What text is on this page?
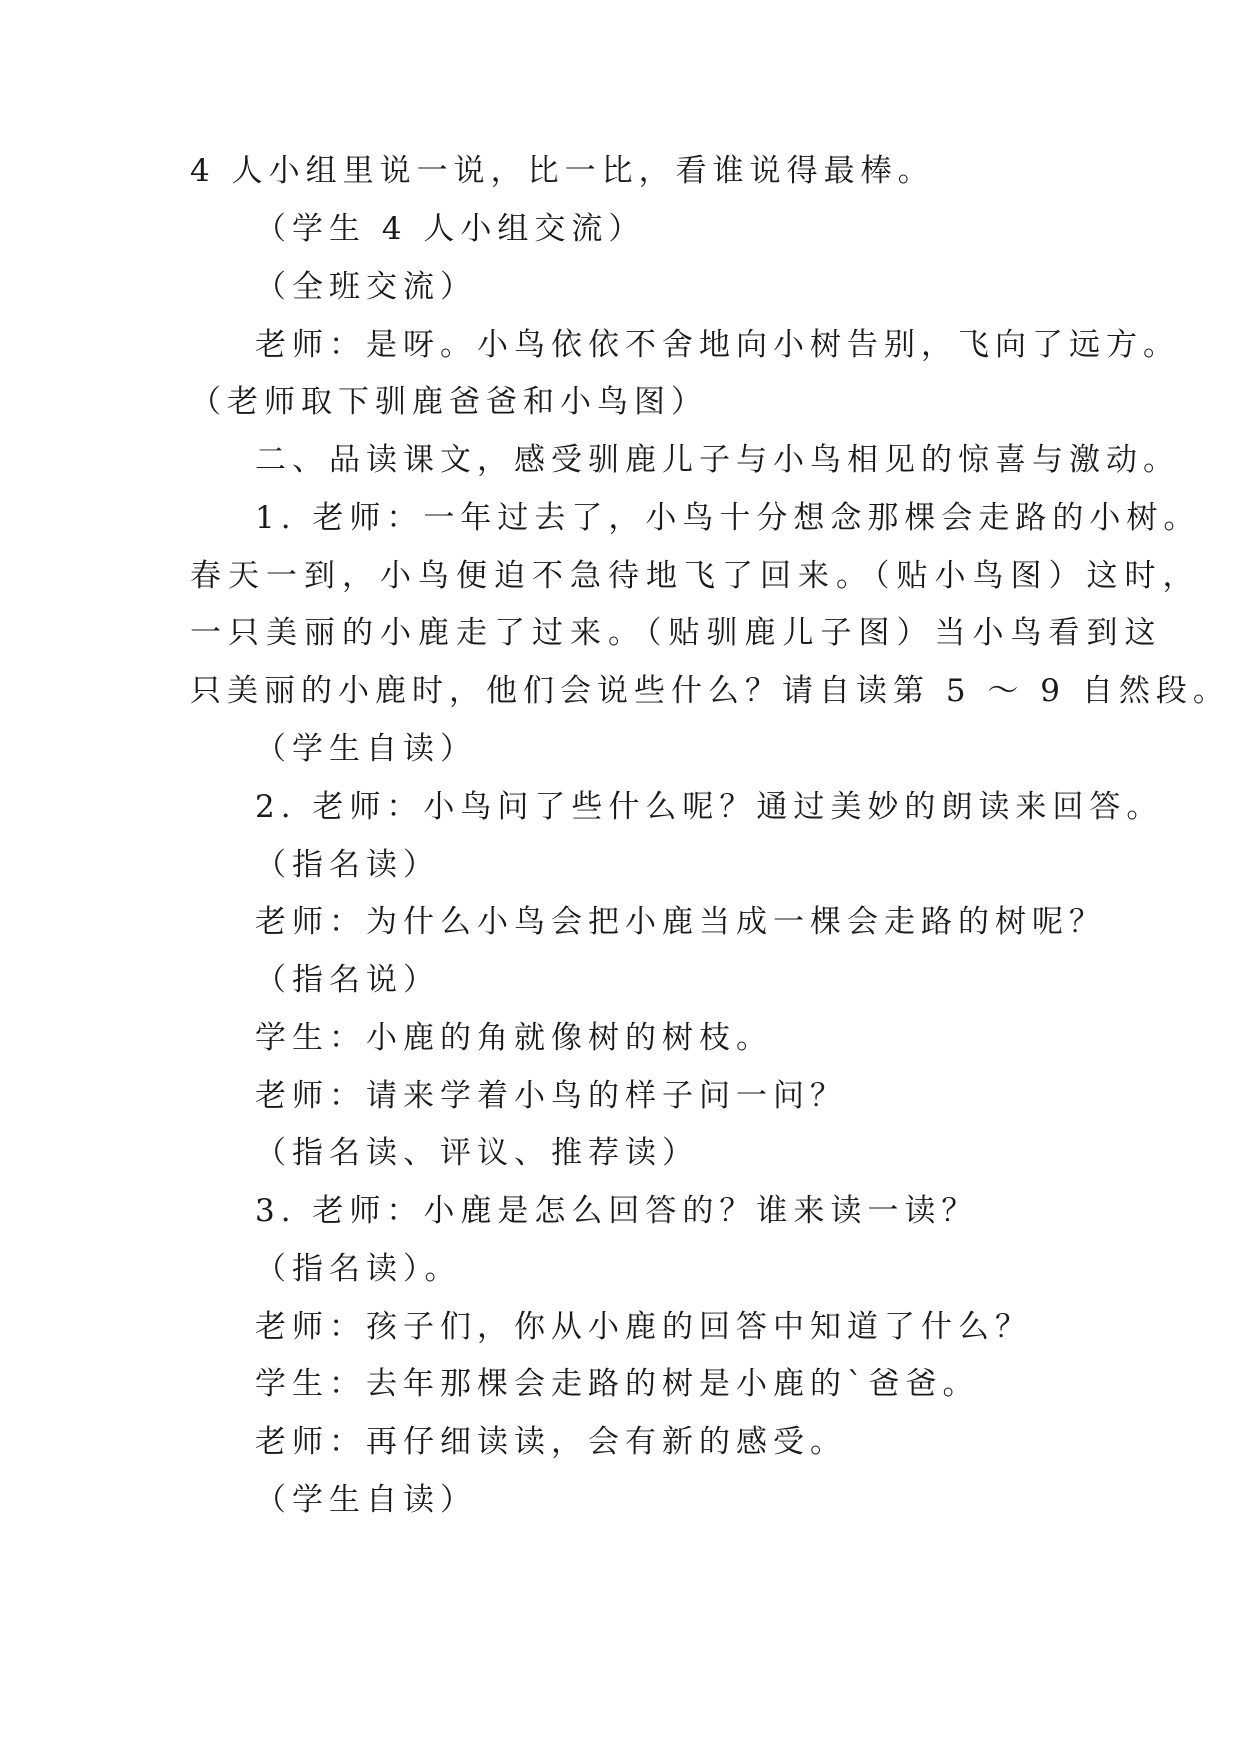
4 人小组里说一说，比一比，看谁说得最棒。
（学生 4 人小组交流）
（全班交流）
老师：是呀。小鸟依依不舍地向小树告别，飞向了远方。
（老师取下驯鹿爸爸和小鸟图）
二、品读课文，感受驯鹿儿子与小鸟相见的惊喜与激动。
1. 老师：一年过去了，小鸟十分想念那棵会走路的小树。
春天一到，小鸟便迫不急待地飞了回来。（贴小鸟图）这时，
一只美丽的小鹿走了过来。（贴驯鹿儿子图）当小鸟看到这
只美丽的小鹿时，他们会说些什么？请自读第 5 ～ 9 自然段。
（学生自读）
2. 老师：小鸟问了些什么呢？通过美妙的朗读来回答。
（指名读）
老师：为什么小鸟会把小鹿当成一棵会走路的树呢？
（指名说）
学生：小鹿的角就像树的树枝。
老师：请来学着小鸟的样子问一问？
（指名读、评议、推荐读）
3. 老师：小鹿是怎么回答的？谁来读一读？
（指名读）。
老师：孩子们，你从小鹿的回答中知道了什么？
学生：去年那棵会走路的树是小鹿的`爸爸。
老师：再仔细读读，会有新的感受。
（学生自读）
